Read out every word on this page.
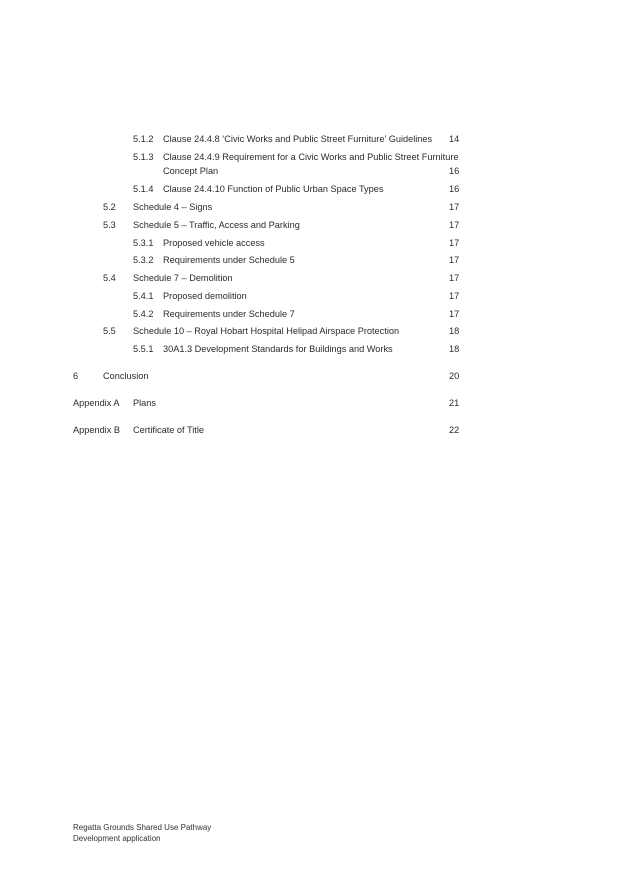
5.1.2 Clause 24.4.8 ‘Civic Works and Public Street Furniture’ Guidelines 14
5.1.3 Clause 24.4.9 Requirement for a Civic Works and Public Street Furniture
Concept Plan	16
5.1.4 Clause 24.4.10 Function of Public Urban Space Types	16
5.2 Schedule 4 – Signs	17
5.3 Schedule 5 – Traffic, Access and Parking	17
5.3.1 Proposed vehicle access	17
5.3.2 Requirements under Schedule 5	17
5.4 Schedule 7 – Demolition	17
5.4.1 Proposed demolition	17
5.4.2 Requirements under Schedule 7	17
5.5 Schedule 10 – Royal Hobart Hospital Helipad Airspace Protection	18
5.5.1 30A1.3 Development Standards for Buildings and Works	18
6	Conclusion	20
Appendix A Plans	21
Appendix B Certificate of Title	22
Regatta Grounds Shared Use Pathway
Development application
